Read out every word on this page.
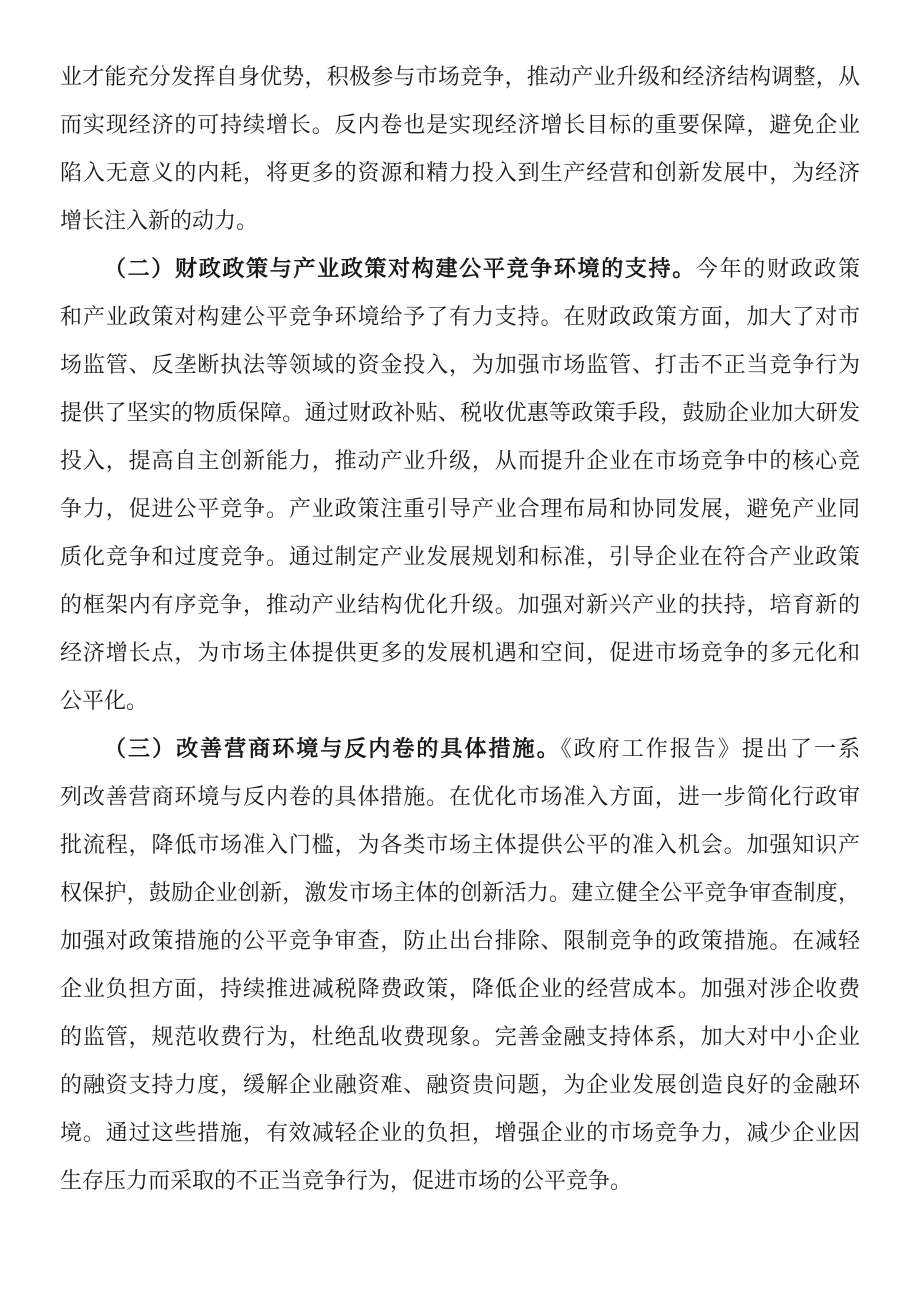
业才能充分发挥自身优势，积极参与市场竞争，推动产业升级和经济结构调整，从
而实现经济的可持续增长。反内卷也是实现经济增长目标的重要保障，避免企业
陷入无意义的内耗，将更多的资源和精力投入到生产经营和创新发展中，为经济
增长注入新的动力。
（二）财政政策与产业政策对构建公平竞争环境的支持。今年的财政政策
和产业政策对构建公平竞争环境给予了有力支持。在财政政策方面，加大了对市
场监管、反垄断执法等领域的资金投入，为加强市场监管、打击不正当竞争行为
提供了坚实的物质保障。通过财政补贴、税收优惠等政策手段，鼓励企业加大研发
投入，提高自主创新能力，推动产业升级，从而提升企业在市场竞争中的核心竞
争力，促进公平竞争。产业政策注重引导产业合理布局和协同发展，避免产业同
质化竞争和过度竞争。通过制定产业发展规划和标准，引导企业在符合产业政策
的框架内有序竞争，推动产业结构优化升级。加强对新兴产业的扶持，培育新的
经济增长点，为市场主体提供更多的发展机遇和空间，促进市场竞争的多元化和
公平化。
（三）改善营商环境与反内卷的具体措施。《政府工作报告》提出了一系
列改善营商环境与反内卷的具体措施。在优化市场准入方面，进一步简化行政审
批流程，降低市场准入门槛，为各类市场主体提供公平的准入机会。加强知识产
权保护，鼓励企业创新，激发市场主体的创新活力。建立健全公平竞争审查制度，
加强对政策措施的公平竞争审查，防止出台排除、限制竞争的政策措施。在减轻
企业负担方面，持续推进减税降费政策，降低企业的经营成本。加强对涉企收费
的监管，规范收费行为，杜绝乱收费现象。完善金融支持体系，加大对中小企业
的融资支持力度，缓解企业融资难、融资贵问题，为企业发展创造良好的金融环
境。通过这些措施，有效减轻企业的负担，增强企业的市场竞争力，减少企业因
生存压力而采取的不正当竞争行为，促进市场的公平竞争。
